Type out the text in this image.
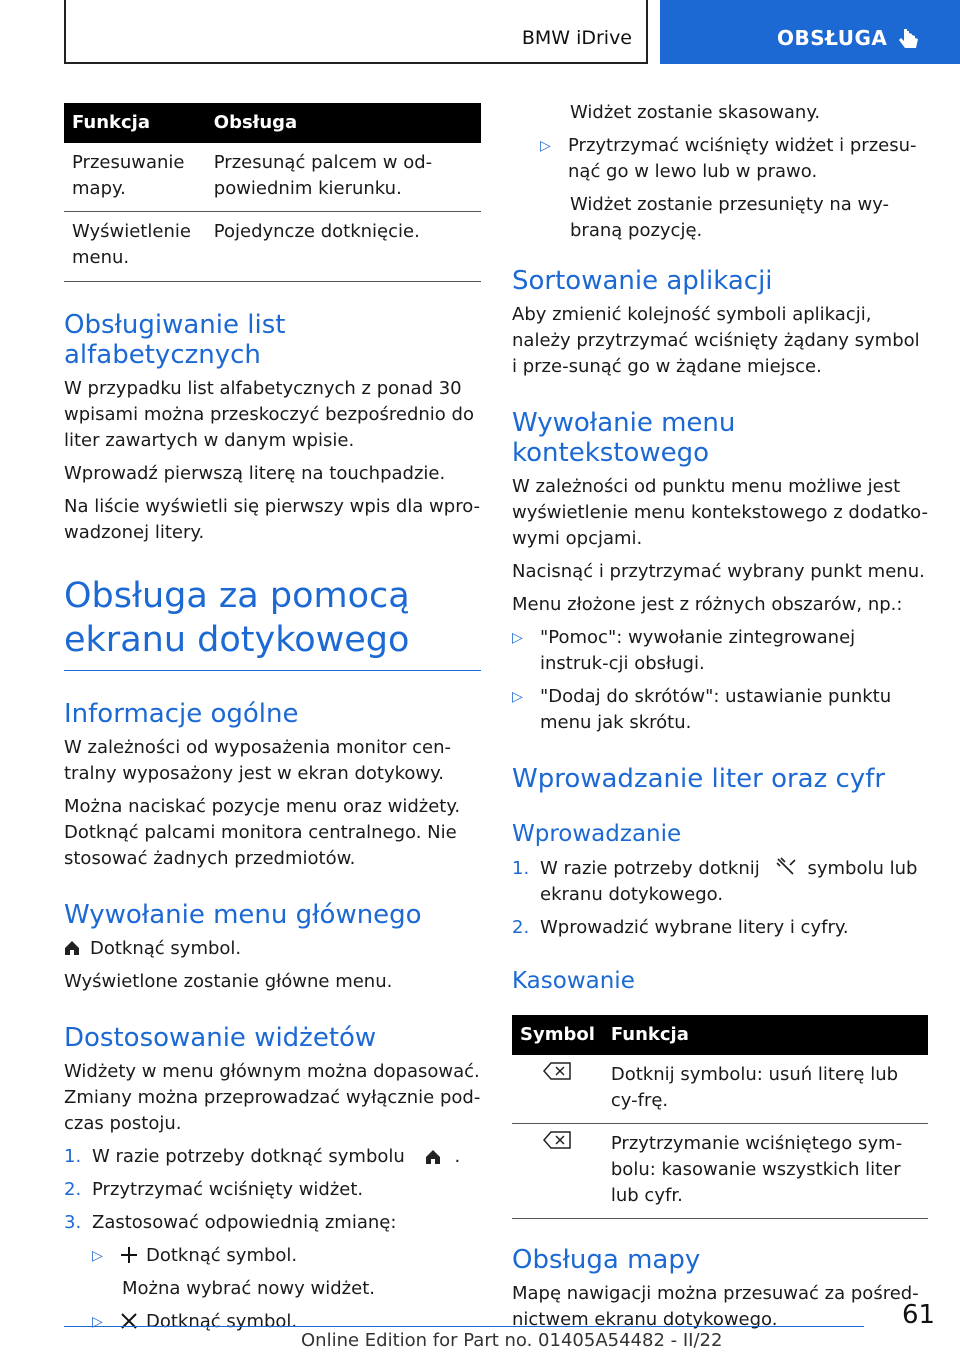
BMW iDrive	OBSŁUGA
Funkcja	Obsługa
Przesuwanie mapy.	Przesunąć palcem w od-powiednim kierunku.
Wyświetlenie menu.	Pojedyncze dotknięcie.
Obsługiwanie list alfabetycznych

W przypadku list alfabetycznych z ponad 30 wpisami można przeskoczyć bezpośrednio do liter zawartych w danym wpisie.

Wprowadź pierwszą literę na touchpadzie.

Na liście wyświetli się pierwszy wpis dla wpro-wadzonej litery.

Obsługa za pomocą ekranu dotykowego
Informacje ogólne

W zależności od wyposażenia monitor cen-tralny wyposażony jest w ekran dotykowy.

Można naciskać pozycje menu oraz widżety. Dotknąć palcami monitora centralnego. Nie stosować żadnych przedmiotów.

Wywołanie menu głównego

Dotknąć symbol.

Wyświetlone zostanie główne menu.

Dostosowanie widżetów

Widżety w menu głównym można dopasować. Zmiany można przeprowadzać wyłącznie pod-czas postoju.

1. W razie potrzeby dotknąć symbolu	.
2. Przytrzymać wciśnięty widżet.
3. Zastosować odpowiednią zmianę:
▷	Dotknąć symbol.

Można wybrać nowy widżet.

▷	Dotknąć symbol.

Widżet zostanie skasowany.

▷ Przytrzymać wciśnięty widżet i przesu-nąć go w lewo lub w prawo.

Widżet zostanie przesunięty na wy-braną pozycję.

Sortowanie aplikacji

Aby zmienić kolejność symboli aplikacji, należy przytrzymać wciśnięty żądany symbol i prze-sunąć go w żądane miejsce.

Wywołanie menu kontekstowego

W zależności od punktu menu możliwe jest wyświetlenie menu kontekstowego z dodatko-wymi opcjami.

Nacisnąć i przytrzymać wybrany punkt menu.

Menu złożone jest z różnych obszarów, np.:

▷ "Pomoc": wywołanie zintegrowanej instruk-cji obsługi.
▷ "Dodaj do skrótów": ustawianie punktu menu jak skrótu.
Wprowadzanie liter oraz cyfr
Wprowadzanie
1. W razie potrzeby dotknij	symbolu lub ekranu dotykowego.
2. Wprowadzić wybrane litery i cyfry.
Kasowanie
Symbol	Funkcja
	Dotknij symbolu: usuń literę lub cy-frę.
	Przytrzymanie wciśniętego sym-bolu: kasowanie wszystkich liter lub cyfr.
Obsługa mapy

Mapę nawigacji można przesuwać za pośred-nictwem ekranu dotykowego.	61
Online Edition for Part no. 01405A54482 - II/22
